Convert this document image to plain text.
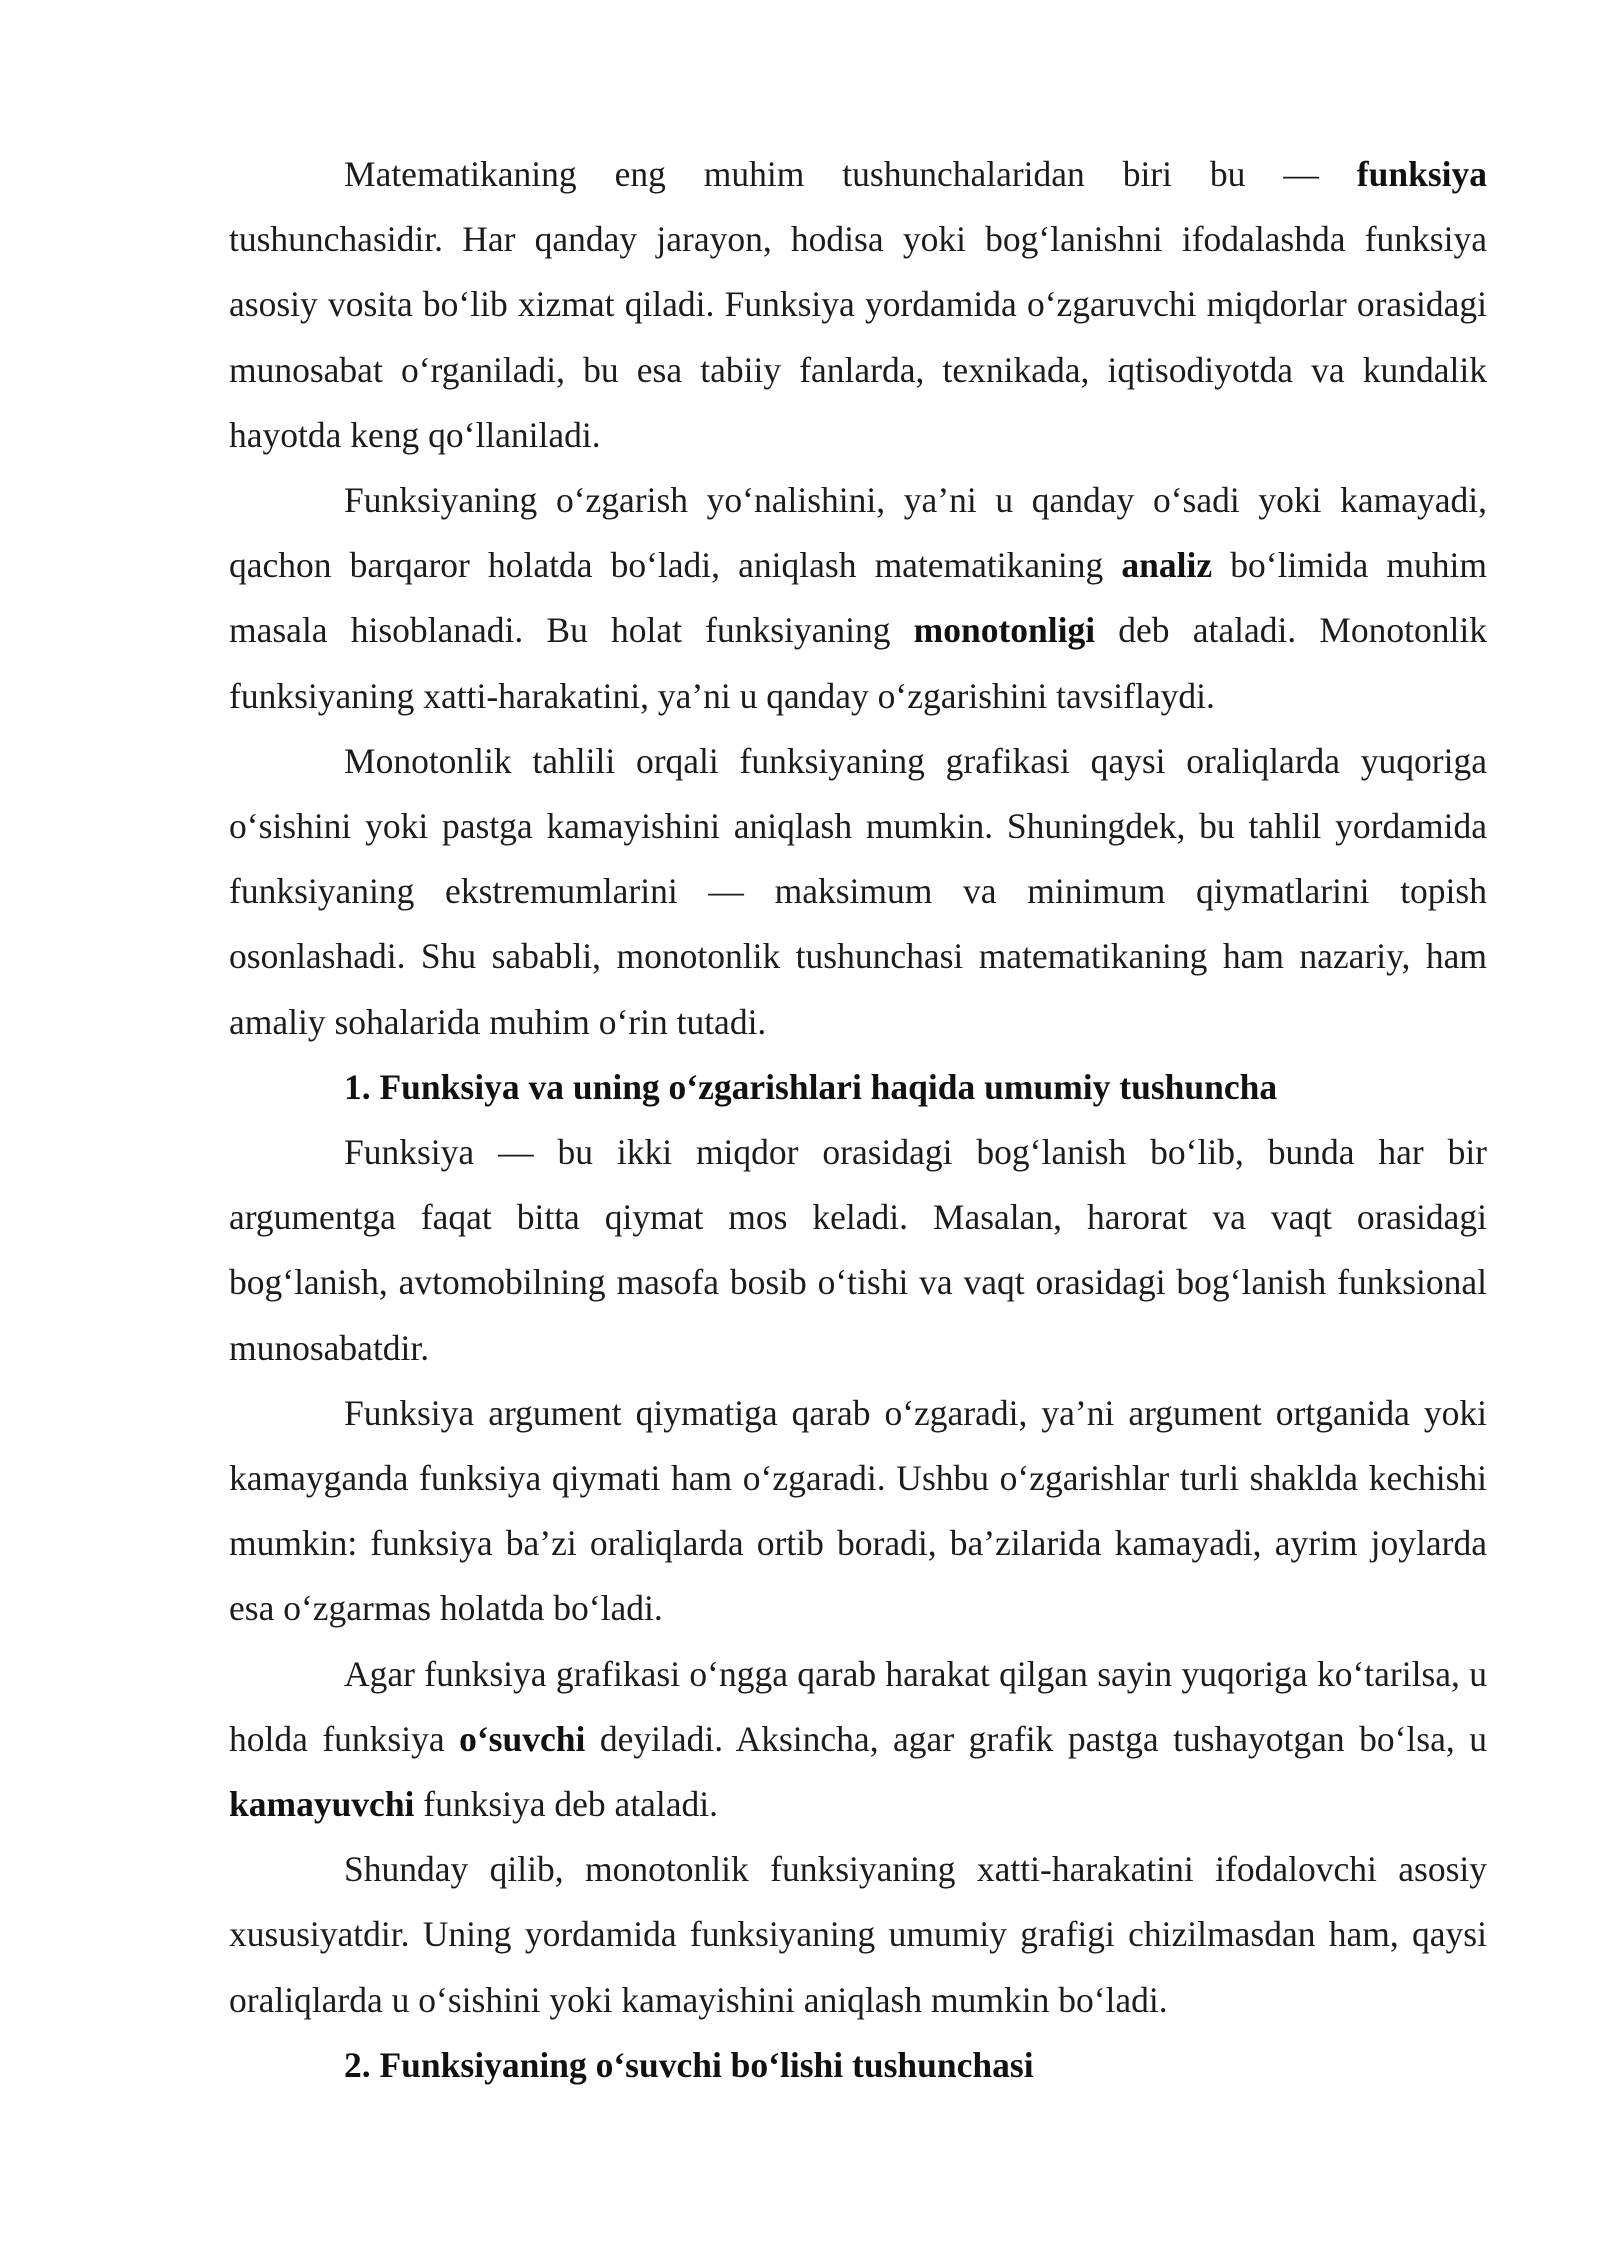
Matematikaning eng muhim tushunchalaridan biri bu — funksiya tushunchasidir. Har qanday jarayon, hodisa yoki bog‘lanishni ifodalashda funksiya asosiy vosita bo‘lib xizmat qiladi. Funksiya yordamida o‘zgaruvchi miqdorlar orasidagi munosabat o‘rganiladi, bu esa tabiiy fanlarda, texnikada, iqtisodiyotda va kundalik hayotda keng qo‘llaniladi.

Funksiyaning o‘zgarish yo‘nalishini, ya’ni u qanday o‘sadi yoki kamayadi, qachon barqaror holatda bo‘ladi, aniqlash matematikaning analiz bo‘limida muhim masala hisoblanadi. Bu holat funksiyaning monotonligi deb ataladi. Monotonlik funksiyaning xatti-harakatini, ya’ni u qanday o‘zgarishini tavsiflaydi.

Monotonlik tahlili orqali funksiyaning grafikasi qaysi oraliqlarda yuqoriga o‘sishini yoki pastga kamayishini aniqlash mumkin. Shuningdek, bu tahlil yordamida funksiyaning ekstremumlarini — maksimum va minimum qiymatlarini topish osonlashadi. Shu sababli, monotonlik tushunchasi matematikaning ham nazariy, ham amaliy sohalarida muhim o‘rin tutadi.

1. Funksiya va uning o‘zgarishlari haqida umumiy tushuncha

Funksiya — bu ikki miqdor orasidagi bog‘lanish bo‘lib, bunda har bir argumentga faqat bitta qiymat mos keladi. Masalan, harorat va vaqt orasidagi bog‘lanish, avtomobilning masofa bosib o‘tishi va vaqt orasidagi bog‘lanish funksional munosabatdir.

Funksiya argument qiymatiga qarab o‘zgaradi, ya’ni argument ortganida yoki kamayganda funksiya qiymati ham o‘zgaradi. Ushbu o‘zgarishlar turli shaklda kechishi mumkin: funksiya ba’zi oraliqlarda ortib boradi, ba’zilarida kamayadi, ayrim joylarda esa o‘zgarmas holatda bo‘ladi.

Agar funksiya grafikasi o‘ngga qarab harakat qilgan sayin yuqoriga ko‘tarilsa, u holda funksiya o‘suvchi deyiladi. Aksincha, agar grafik pastga tushayotgan bo‘lsa, u kamayuvchi funksiya deb ataladi.

Shunday qilib, monotonlik funksiyaning xatti-harakatini ifodalovchi asosiy xususiyatdir. Uning yordamida funksiyaning umumiy grafigi chizilmasdan ham, qaysi oraliqlarda u o‘sishini yoki kamayishini aniqlash mumkin bo‘ladi.

2. Funksiyaning o‘suvchi bo‘lishi tushunchasi
